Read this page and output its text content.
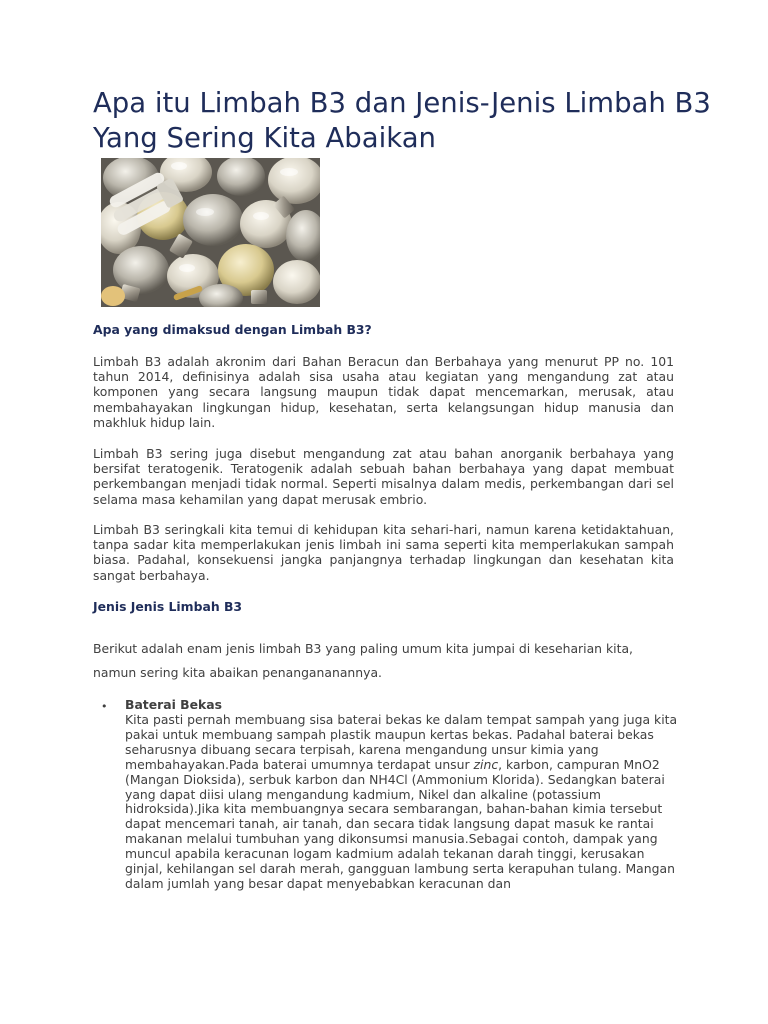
Apa itu Limbah B3 dan Jenis-Jenis Limbah B3 Yang Sering Kita Abaikan
Apa yang dimaksud dengan Limbah B3?

Limbah B3 adalah akronim dari Bahan Beracun dan Berbahaya yang menurut PP no. 101 tahun 2014, definisinya adalah sisa usaha atau kegiatan yang mengandung zat atau komponen yang secara langsung maupun tidak dapat mencemarkan, merusak, atau membahayakan lingkungan hidup, kesehatan, serta kelangsungan hidup manusia dan makhluk hidup lain.

Limbah B3 sering juga disebut mengandung zat atau bahan anorganik berbahaya yang bersifat teratogenik. Teratogenik adalah sebuah bahan berbahaya yang dapat membuat perkembangan menjadi tidak normal. Seperti misalnya dalam medis, perkembangan dari sel selama masa kehamilan yang dapat merusak embrio.

Limbah B3 seringkali kita temui di kehidupan kita sehari-hari, namun karena ketidaktahuan, tanpa sadar kita memperlakukan jenis limbah ini sama seperti kita memperlakukan sampah biasa. Padahal, konsekuensi jangka panjangnya terhadap lingkungan dan kesehatan kita sangat berbahaya.

Jenis Jenis Limbah B3

Berikut adalah enam jenis limbah B3 yang paling umum kita jumpai di keseharian kita, namun sering kita abaikan penangananannya.

• Baterai Bekas
Kita pasti pernah membuang sisa baterai bekas ke dalam tempat sampah yang juga kita pakai untuk membuang sampah plastik maupun kertas bekas. Padahal baterai bekas seharusnya dibuang secara terpisah, karena mengandung unsur kimia yang membahayakan.Pada baterai umumnya terdapat unsur zinc, karbon, campuran MnO2 (Mangan Dioksida), serbuk karbon dan NH4Cl (Ammonium Klorida). Sedangkan baterai yang dapat diisi ulang mengandung kadmium, Nikel dan alkaline (potassium hidroksida).Jika kita membuangnya secara sembarangan, bahan-bahan kimia tersebut dapat mencemari tanah, air tanah, dan secara tidak langsung dapat masuk ke rantai makanan melalui tumbuhan yang dikonsumsi manusia.Sebagai contoh, dampak yang muncul apabila keracunan logam kadmium adalah tekanan darah tinggi, kerusakan ginjal, kehilangan sel darah merah, gangguan lambung serta kerapuhan tulang. Mangan dalam jumlah yang besar dapat menyebabkan keracunan dan
